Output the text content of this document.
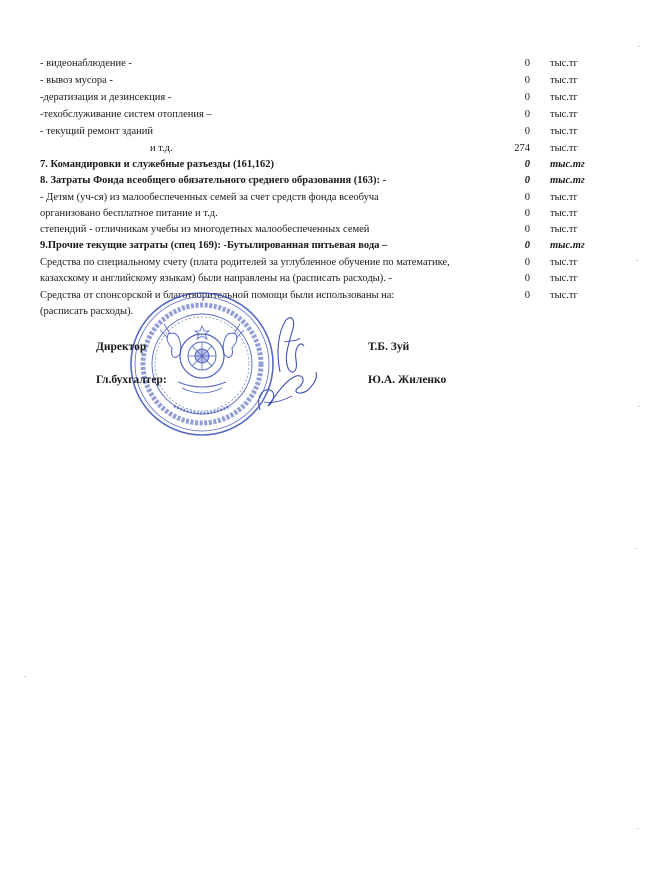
- видеонаблюдение -	0 тыс.тг
- вывоз мусора -	0 тыс.тг
-дератизация и дезинсекция -	0 тыс.тг
-техобслуживание систем отопления –	0 тыс.тг
- текущий ремонт зданий	0 тыс.тг
и т.д.	274 тыс.тг
7. Командировки и служебные разъезды (161,162)	0 тыс.тг
8. Затраты Фонда всеобщего обязательного среднего образования (163): -	0 тыс.тг
- Детям (уч-ся) из малообеспеченных семей за счет средств фонда всеобуча	0 тыс.тг
организовано бесплатное питание и т.д.	0 тыс.тг
степендий - отличникам учебы из многодетных малообеспеченных семей	0 тыс.тг
9.Прочие текущие затраты (спец 169): -Бутылированная питьевая вода –	0 тыс.тг
Средства по специальному счету (плата родителей за углубленное обучение по математике,	0 тыс.тг
казахскому и английскому языкам) были направлены на (расписать расходы). -	0 тыс.тг
Средства от спонсорской и благотворительной помощи были использованы на:	0 тыс.тг
(расписать расходы).
Директор	Т.Б. Зуй
Гл.бухгалтер:	Ю.А. Жиленко
